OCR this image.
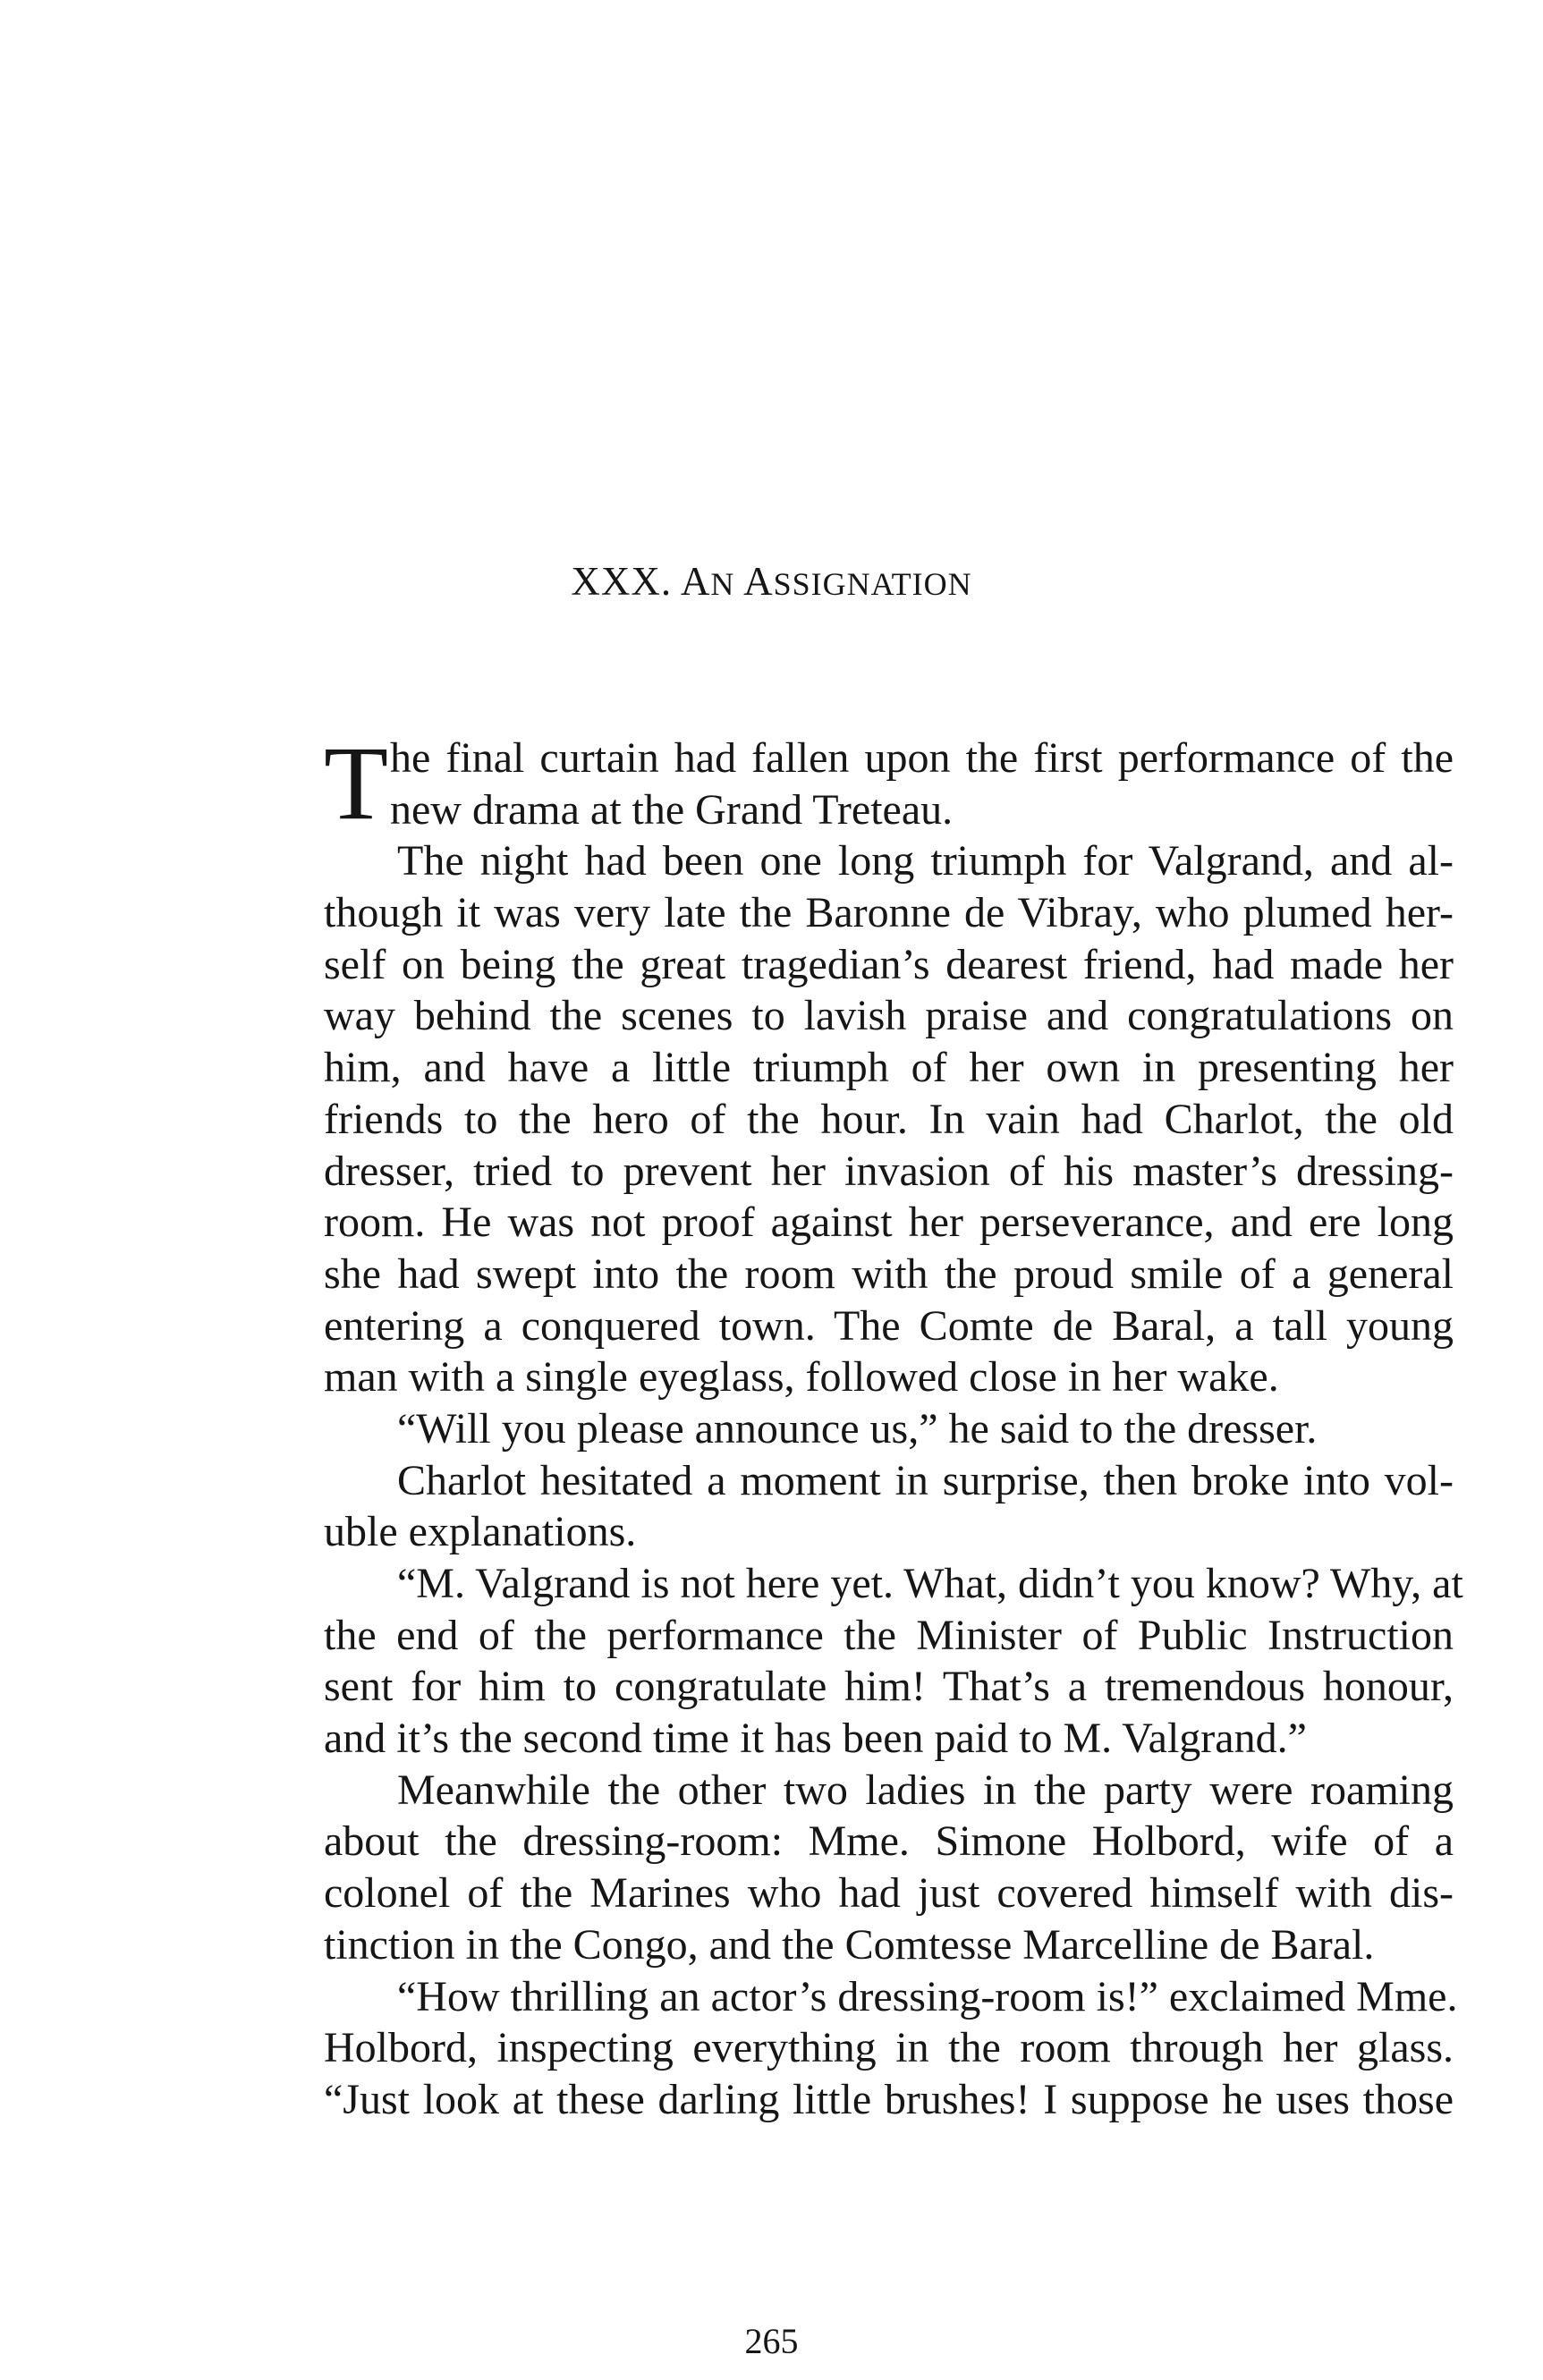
XXX. AN ASSIGNATION
T he final curtain had fallen upon the first performance of the
new drama at the Grand Treteau.
The night had been one long triumph for Valgrand, and al-
though it was very late the Baronne de Vibray, who plumed her-
self on being the great tragedian’s dearest friend, had made her
way behind the scenes to lavish praise and congratulations on
him, and have a little triumph of her own in presenting her
friends to the hero of the hour. In vain had Charlot, the old
dresser, tried to prevent her invasion of his master’s dressing-
room. He was not proof against her perseverance, and ere long
she had swept into the room with the proud smile of a general
entering a conquered town. The Comte de Baral, a tall young
man with a single eyeglass, followed close in her wake.
“Will you please announce us,” he said to the dresser.
Charlot hesitated a moment in surprise, then broke into vol-
uble explanations.
“M. Valgrand is not here yet. What, didn’t you know? Why, at
the end of the performance the Minister of Public Instruction
sent for him to congratulate him! That’s a tremendous honour,
and it’s the second time it has been paid to M. Valgrand.”
Meanwhile the other two ladies in the party were roaming
about the dressing-room: Mme. Simone Holbord, wife of a
colonel of the Marines who had just covered himself with dis-
tinction in the Congo, and the Comtesse Marcelline de Baral.
“How thrilling an actor’s dressing-room is!” exclaimed Mme.
Holbord, inspecting everything in the room through her glass.
“Just look at these darling little brushes! I suppose he uses those
265
